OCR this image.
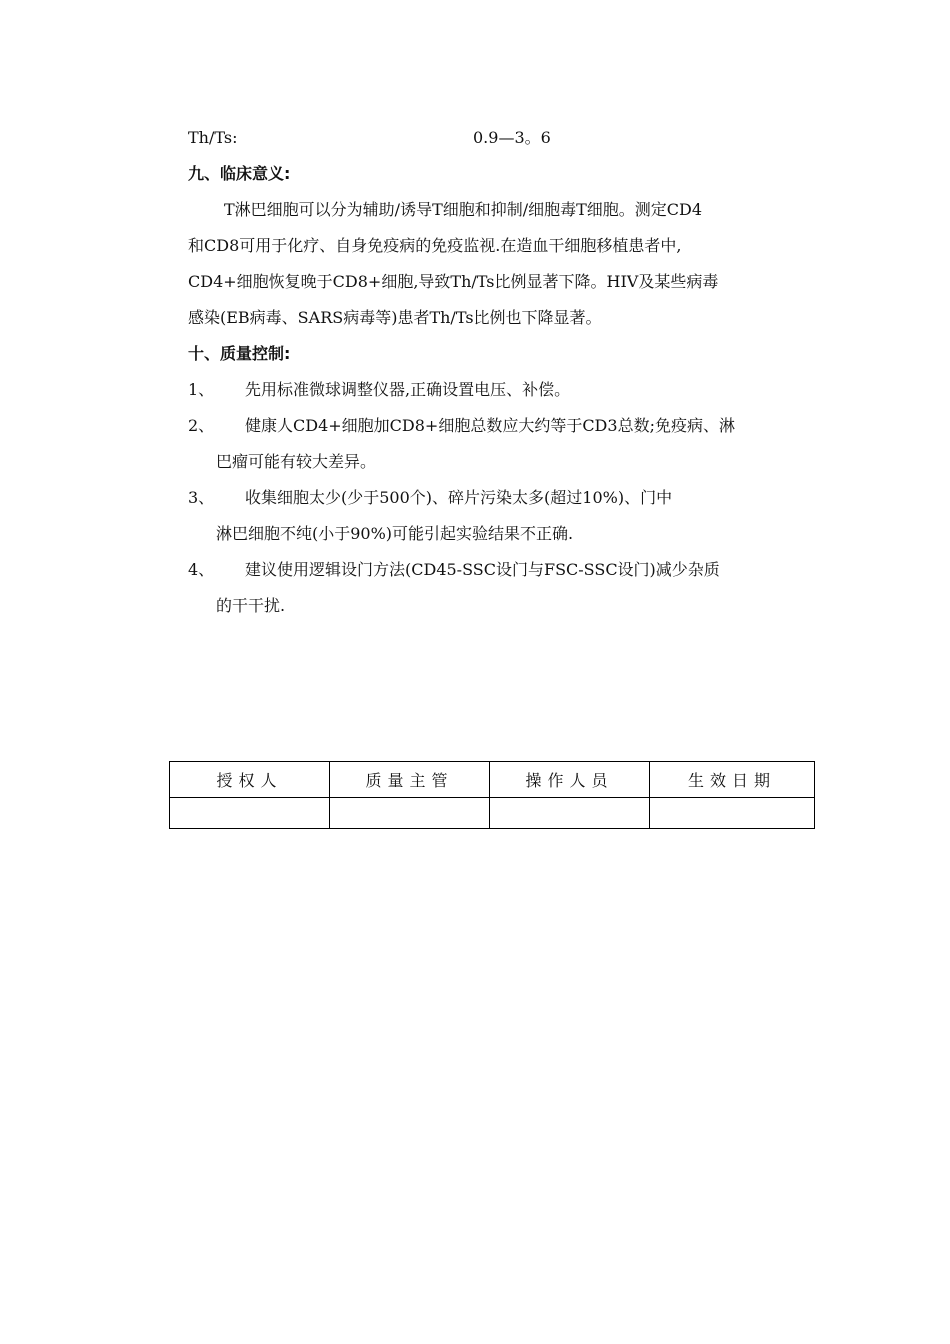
Th/Ts:	0.9—3。6
九、临床意义:
T淋巴细胞可以分为辅助/诱导T细胞和抑制/细胞毒T细胞。测定CD4
和CD8可用于化疗、自身免疫病的免疫监视.在造血干细胞移植患者中,
CD4+细胞恢复晚于CD8+细胞,导致Th/Ts比例显著下降。HIV及某些病毒
感染(EB病毒、SARS病毒等)患者Th/Ts比例也下降显著。
十、质量控制:
1、 先用标准微球调整仪器,正确设置电压、补偿。
2、 健康人CD4+细胞加CD8+细胞总数应大约等于CD3总数;免疫病、淋
巴瘤可能有较大差异。
3、 收集细胞太少(少于500个)、碎片污染太多(超过10%)、门中
淋巴细胞不纯(小于90%)可能引起实验结果不正确.
4、 建议使用逻辑设门方法(CD45-SSC设门与FSC-SSC设门)减少杂质
的干干扰.
授权人	质量主管	操作人员	生效日期
